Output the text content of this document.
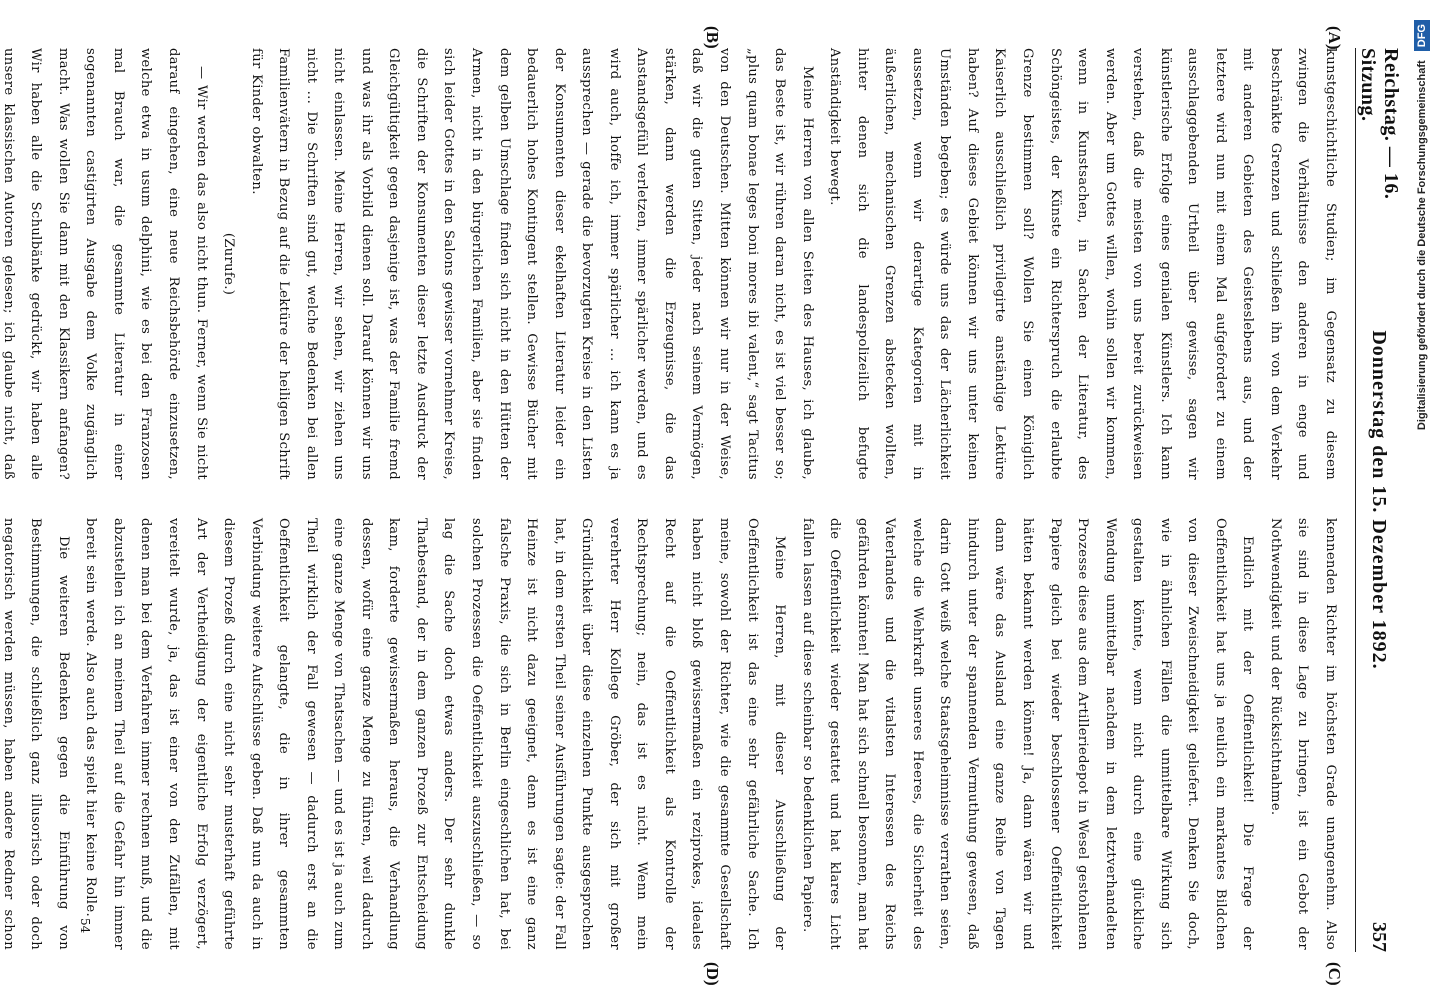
Reichstag. — 16. Sitzung.
Donnerstag den 15. Dezember 1892.
357
(A)
(B)
(C)
(D)

kunstgeschichtliche Studien; im Gegensatz zu diesem zwingen die Verhältnisse den anderen in enge und beschränkte Grenzen und schließen ihn von dem Verkehr mit anderen Gebieten des Geisteslebens aus, und der letztere wird nun mit einem Mal aufgefordert zu einem ausschlaggebenden Urtheil über gewisse, sagen wir künstlerische Erfolge eines genialen Künstlers. Ich kann verstehen, daß die meisten von uns bereit zurückweisen werden. Aber um Gottes willen, wohin sollen wir kommen, wenn in Kunstsachen, in Sachen der Literatur, des Schöngeistes, der Künste ein Richterspruch die erlaubte Grenze bestimmen soll? Wollen Sie einen Königlich Kaiserlich ausschließlich privilegirte anständige Lektüre haben? Auf dieses Gebiet können wir uns unter keinen Umständen begeben; es würde uns das der Lächerlichkeit aussetzen, wenn wir derartige Kategorien mit in äußerlichen, mechanischen Grenzen abstecken wollten, hinter denen sich die landespolizeilich befugte Anständigkeit bewegt.

Meine Herren von allen Seiten des Hauses, ich glaube, das Beste ist, wir rühren daran nicht, es ist viel besser so; „plus quam bonae leges boni mores ibi valent,“ sagt Tacitus von den Deutschen. Mitten können wir nur in der Weise, daß wir die guten Sitten, jeder nach seinem Vermögen, stärken, dann werden die Erzeugnisse, die das Anstandsgefühl verletzen, immer spärlicher werden, und es wird auch, hoffe ich, immer spärlicher ... ich kann es ja aussprechen — gerade die bevorzugten Kreise in den Listen der Konsumenten dieser ekelhaften Literatur leider ein bedauerlich hohes Kontingent stellen. Gewisse Bücher mit dem gelben Umschlage finden sich nicht in den Hütten der Armen, nicht in den bürgerlichen Familien, aber sie finden sich leider Gottes in den Salons gewisser vornehmer Kreise, die Schriften der Konsumenten dieser letzte Ausdruck der Gleichgültigkeit gegen dasjenige ist, was der Familie fremd und was ihr als Vorbild dienen soll. Darauf können wir uns nicht einlassen. Meine Herren, wir sehen, wir ziehen uns nicht ... Die Schriften sind gut, welche Bedenken bei allen Familienvätern in Bezug auf die Lektüre der heiligen Schrift für Kinder obwalten.

(Zurufe.)

— Wir werden das also nicht thun. Ferner, wenn Sie nicht darauf eingehen, eine neue Reichsbehörde einzusetzen, welche etwa in usum delphini, wie es bei den Franzosen mal Brauch war, die gesammte Literatur in einer sogenannten castigirten Ausgabe dem Volke zugänglich macht. Was wollen Sie dann mit den Klassikern anfangen? Wir haben alle die Schulbänke gedrückt, wir haben alle unsere klassischen Autoren gelesen; ich glaube nicht, daß

kennenden Richter im höchsten Grade unangenehm. Also sie sind in diese Lage zu bringen, ist ein Gebot der Nothwendigkeit und der Rücksichtnahme.

Endlich mit der Oeffentlichkeit! Die Frage der Oeffentlichkeit hat uns ja neulich ein markantes Bildchen von dieser Zweischneidigkeit geliefert. Denken Sie doch, wie in ähnlichen Fällen die unmittelbare Wirkung sich gestalten könnte, wenn nicht durch eine glückliche Wendung unmittelbar nachdem in dem letztverhandelten Prozesse diese aus dem Artilleriedepot in Wesel gestohlenen Papiere gleich bei wieder beschlossener Oeffentlichkeit hätten bekannt werden können! Ja, dann wären wir und dann wäre das Ausland eine ganze Reihe von Tagen hindurch unter der spannenden Vermuthung gewesen, daß darin Gott weiß welche Staatsgeheimnisse verrathen seien, welche die Wehrkraft unseres Heeres, die Sicherheit des Vaterlandes und die vitalsten Interessen des Reichs gefährden könnten! Man hat sich schnell besonnen, man hat die Oeffentlichkeit wieder gestattet und hat klares Licht fallen lassen auf diese scheinbar so bedenklichen Papiere.

Meine Herren, mit dieser Ausschließung der Oeffentlichkeit ist das eine sehr gefährliche Sache. Ich meine, sowohl der Richter, wie die gesammte Gesellschaft haben nicht bloß gewissermaßen ein reziprokes, ideales Recht auf die Oeffentlichkeit als Kontrolle der Rechtsprechung; nein, das ist es nicht. Wenn mein verehrter Herr Kollege Gröber, der sich mit großer Gründlichkeit über diese einzelnen Punkte ausgesprochen hat, in dem ersten Theil seiner Ausführungen sagte: der Fall Heinze ist nicht dazu geeignet, denn es ist eine ganz falsche Praxis, die sich in Berlin eingeschlichen hat, bei solchen Prozessen die Oeffentlichkeit auszuschließen, — so lag die Sache doch etwas anders. Der sehr dunkle Thatbestand, der in dem ganzen Prozeß zur Entscheidung kam, forderte gewissermaßen heraus, die Verhandlung dessen, wofür eine ganze Menge zu führen, weil dadurch eine ganze Menge von Thatsachen — und es ist ja auch zum Theil wirklich der Fall gewesen — dadurch erst an die Oeffentlichkeit gelangte, die in ihrer gesammten Verbindung weitere Aufschlüsse geben. Daß nun da auch in diesem Prozeß durch eine nicht sehr musterhaft geführte Art der Vertheidigung der eigentliche Erfolg verzögert, vereitelt wurde, ja, das ist einer von den Zufällen, mit denen man bei dem Verfahren immer rechnen muß, und die abzustellen ich an meinem Theil auf die Gefahr hin immer bereit sein werde. Also auch das spielt hier keine Rolle.

Die weiteren Bedenken gegen die Einführung von Bestimmungen, die schließlich ganz illusorisch oder doch negatorisch werden müssen, haben andere Redner schon	54
Digitalisierung gefördert durch die Deutsche Forschungsgemeinschaft DFG
